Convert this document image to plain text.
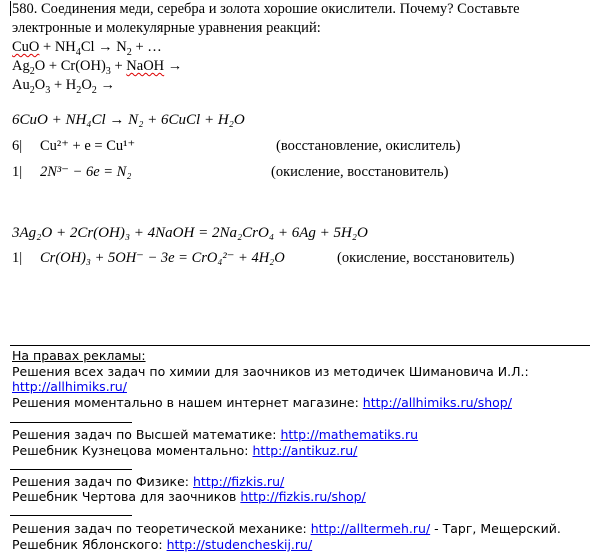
580. Соединения меди, серебра и золота хорошие окислители. Почему? Составьте
электронные и молекулярные уравнения реакций:
CuO + $NH_4Cl \to N_2$ + …
$Ag_2O + Cr(OH)_3$ + NaOH →
$Au_2O_3 + H_2O_2$ →
6CuO + NH₄Cl → N₂ + 6CuCl + H₂O
6| Cu²⁺ + e = Cu¹⁺	(восстановление, окислитель)
1| 2N³⁻ − 6e = N₂	(окисление, восстановитель)
3Ag₂O + 2Cr(OH)₃ + 4NaOH = 2Na₂CrO₄ + 6Ag + 5H₂O
1| Cr(OH)₃ + 5OH⁻ − 3e = CrO₄²⁻ + 4H₂O	(окисление, восстановитель)
На правах рекламы:
Решения всех задач по химии для заочников из методичек Шимановича И.Л.:
http://allhimiks.ru/
Решения моментально в нашем интернет магазине: http://allhimiks.ru/shop/
Решения задач по Высшей математике: http://mathematiks.ru
Решебник Кузнецова моментально: http://antikuz.ru/
Решения задач по Физике: http://fizkis.ru/
Решебник Чертова для заочников http://fizkis.ru/shop/
Решения задач по теоретической механике: http://alltermeh.ru/ - Тарг, Мещерский.
Решебник Яблонского: http://studencheskij.ru/
